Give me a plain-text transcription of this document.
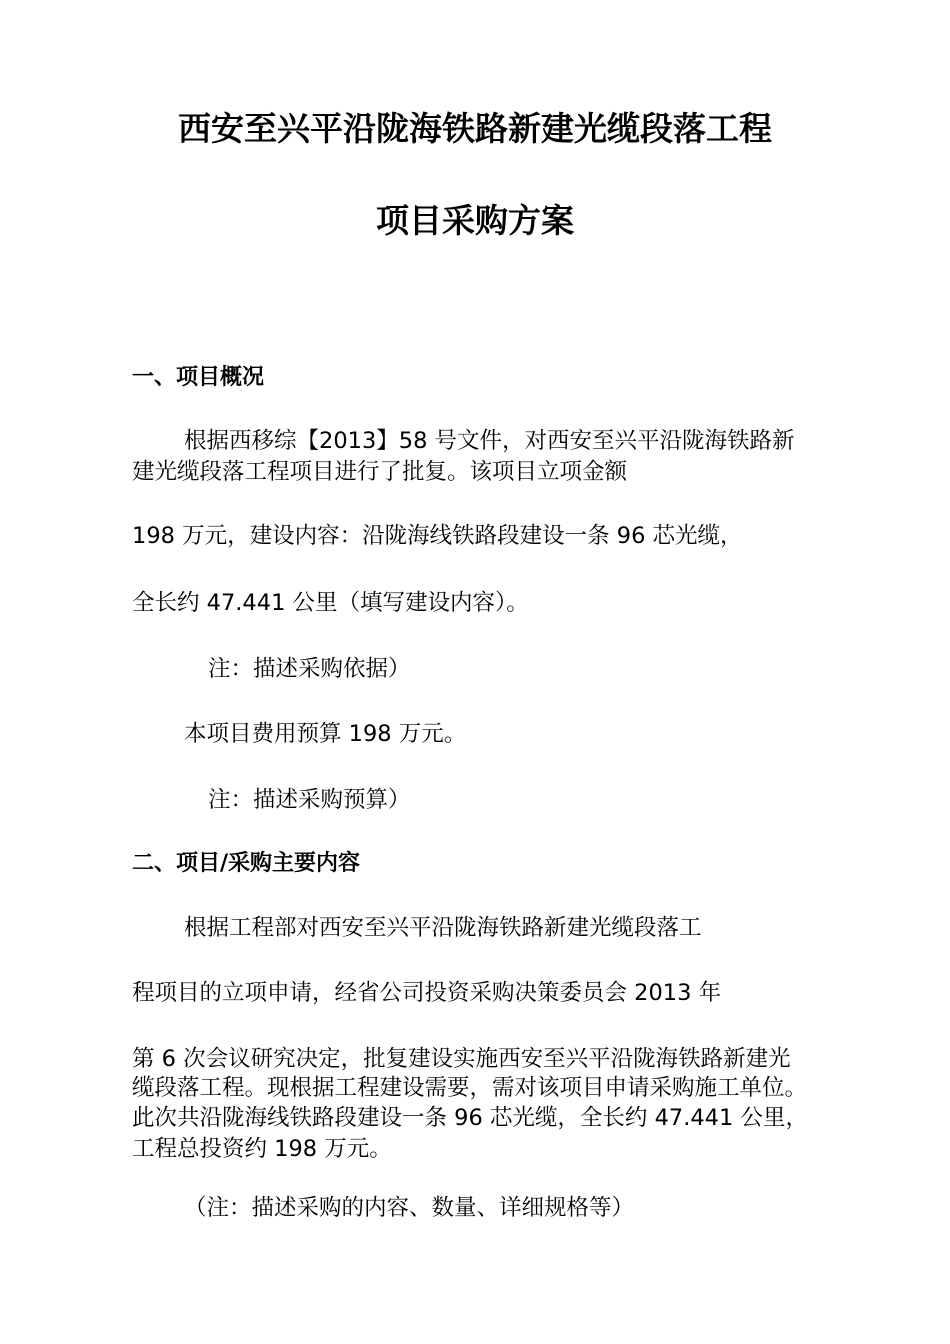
西安至兴平沿陇海铁路新建光缆段落工程
项目采购方案

一、项目概况

根据西移综【2013】58 号文件，对西安至兴平沿陇海铁路新

建光缆段落工程项目进行了批复。该项目立项金额

198 万元，建设内容：沿陇海线铁路段建设一条 96 芯光缆，

全长约 47.441 公里（填写建设内容）。

注：描述采购依据）

本项目费用预算 198 万元。

注：描述采购预算）

二、项目/采购主要内容

根据工程部对西安至兴平沿陇海铁路新建光缆段落工

程项目的立项申请，经省公司投资采购决策委员会 2013 年

第 6 次会议研究决定，批复建设实施西安至兴平沿陇海铁路新建光

缆段落工程。现根据工程建设需要，需对该项目申请采购施工单位。

此次共沿陇海线铁路段建设一条 96 芯光缆，全长约 47.441 公里，

工程总投资约 198 万元。

（注：描述采购的内容、数量、详细规格等）
